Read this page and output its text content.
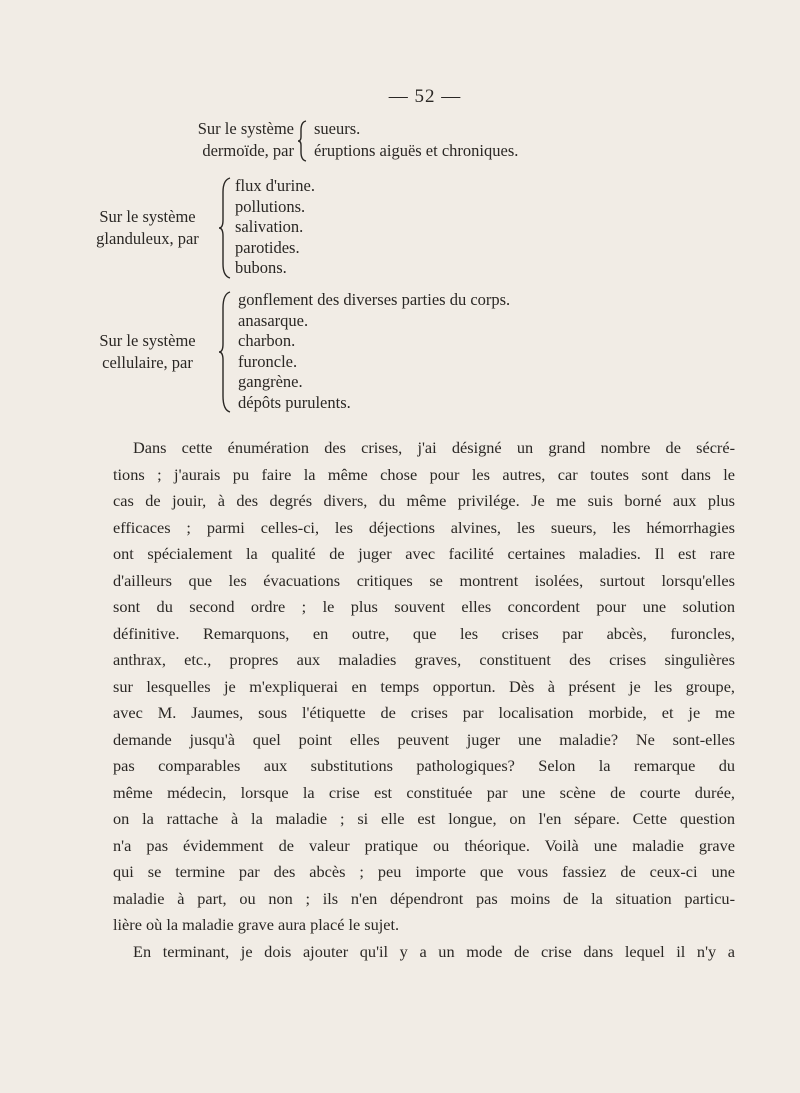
— 52 —
Sur le système
dermoïde, par
sueurs.
éruptions aiguës et chroniques.
Sur le système
glanduleux, par
flux d'urine.
pollutions.
salivation.
parotides.
bubons.
Sur le système
cellulaire, par
gonflement des diverses parties du corps.
anasarque.
charbon.
furoncle.
gangrène.
dépôts purulents.

Dans cette énumération des crises, j'ai désigné un grand nombre de sécré-
tions ; j'aurais pu faire la même chose pour les autres, car toutes sont dans le
cas de jouir, à des degrés divers, du même privilége. Je me suis borné aux plus
efficaces ; parmi celles-ci, les déjections alvines, les sueurs, les hémorrhagies
ont spécialement la qualité de juger avec facilité certaines maladies. Il est rare
d'ailleurs que les évacuations critiques se montrent isolées, surtout lorsqu'elles
sont du second ordre ; le plus souvent elles concordent pour une solution
définitive. Remarquons, en outre, que les crises par abcès, furoncles,
anthrax, etc., propres aux maladies graves, constituent des crises singulières
sur lesquelles je m'expliquerai en temps opportun. Dès à présent je les groupe,
avec M. Jaumes, sous l'étiquette de crises par localisation morbide, et je me
demande jusqu'à quel point elles peuvent juger une maladie? Ne sont-elles
pas comparables aux substitutions pathologiques? Selon la remarque du
même médecin, lorsque la crise est constituée par une scène de courte durée,
on la rattache à la maladie ; si elle est longue, on l'en sépare. Cette question
n'a pas évidemment de valeur pratique ou théorique. Voilà une maladie grave
qui se termine par des abcès ; peu importe que vous fassiez de ceux-ci une
maladie à part, ou non ; ils n'en dépendront pas moins de la situation particu-
lière où la maladie grave aura placé le sujet.

En terminant, je dois ajouter qu'il y a un mode de crise dans lequel il n'y a
